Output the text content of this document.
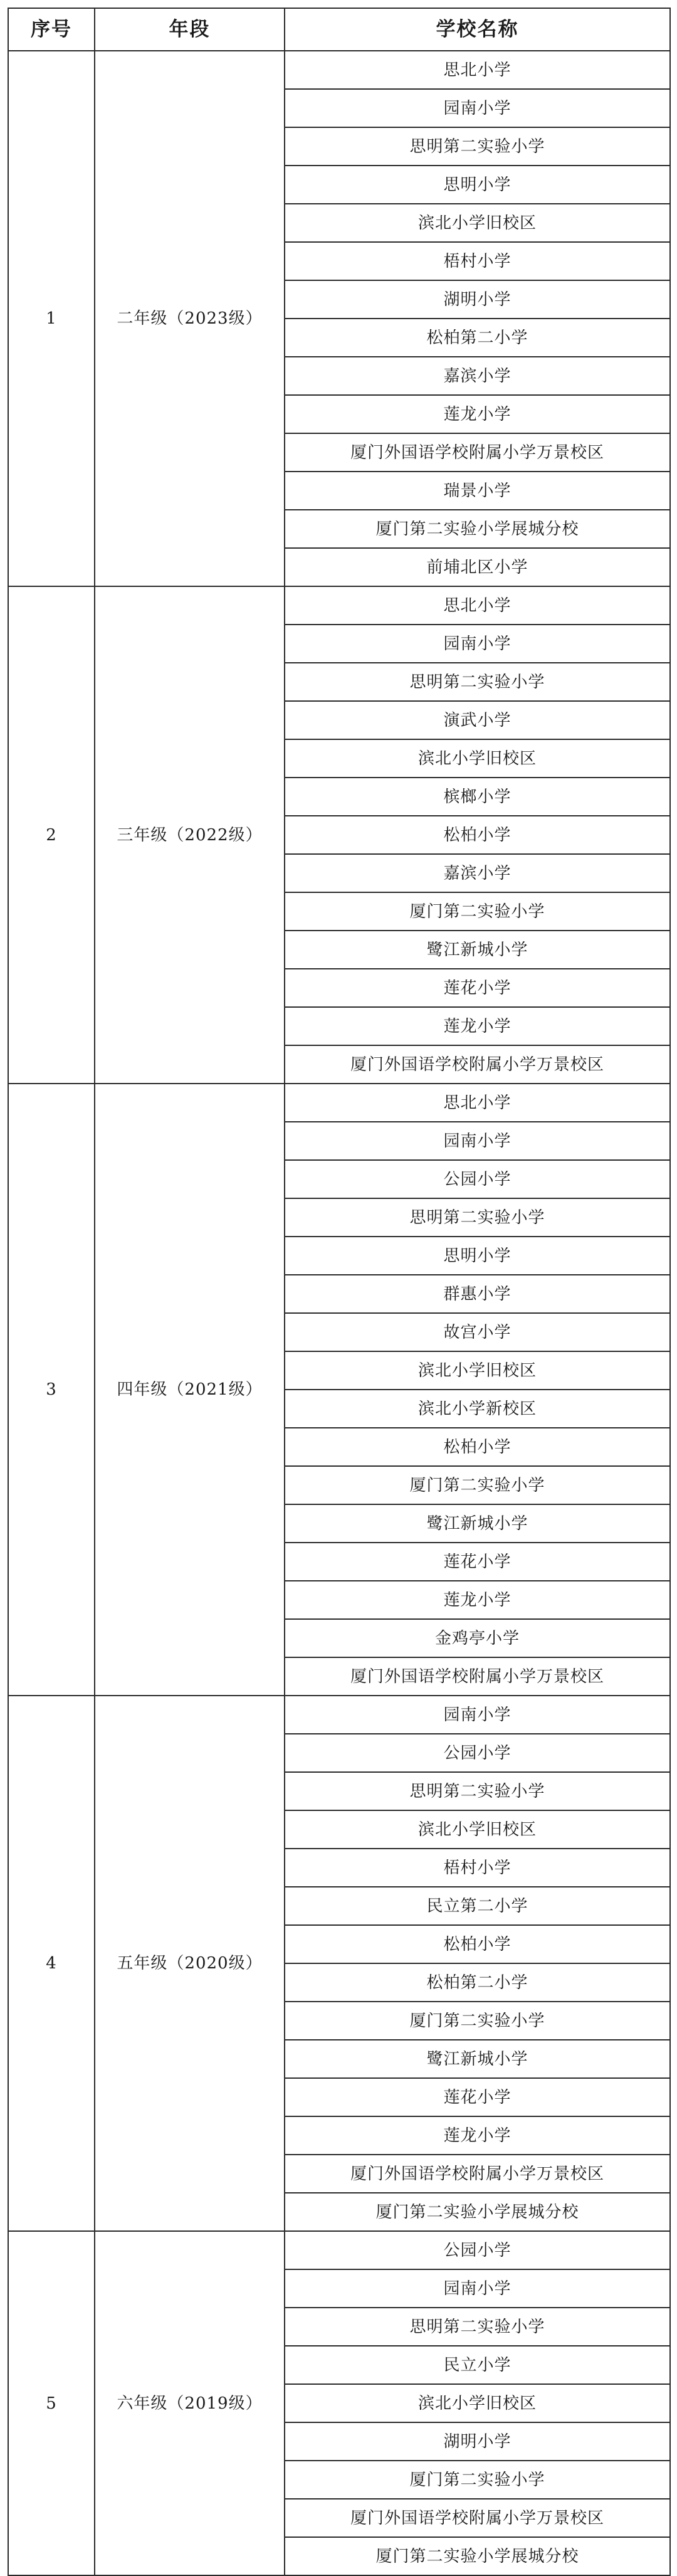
序号	年段	学校名称
1	二年级（2023级）	思北小学
		园南小学
		思明第二实验小学
		思明小学
		滨北小学旧校区
		梧村小学
		湖明小学
		松柏第二小学
		嘉滨小学
		莲龙小学
		厦门外国语学校附属小学万景校区
		瑞景小学
		厦门第二实验小学展城分校
		前埔北区小学
2	三年级（2022级）	思北小学
		园南小学
		思明第二实验小学
		演武小学
		滨北小学旧校区
		槟榔小学
		松柏小学
		嘉滨小学
		厦门第二实验小学
		鹭江新城小学
		莲花小学
		莲龙小学
		厦门外国语学校附属小学万景校区
3	四年级（2021级）	思北小学
		园南小学
		公园小学
		思明第二实验小学
		思明小学
		群惠小学
		故宫小学
		滨北小学旧校区
		滨北小学新校区
		松柏小学
		厦门第二实验小学
		鹭江新城小学
		莲花小学
		莲龙小学
		金鸡亭小学
		厦门外国语学校附属小学万景校区
4	五年级（2020级）	园南小学
		公园小学
		思明第二实验小学
		滨北小学旧校区
		梧村小学
		民立第二小学
		松柏小学
		松柏第二小学
		厦门第二实验小学
		鹭江新城小学
		莲花小学
		莲龙小学
		厦门外国语学校附属小学万景校区
		厦门第二实验小学展城分校
5	六年级（2019级）	公园小学
		园南小学
		思明第二实验小学
		民立小学
		滨北小学旧校区
		湖明小学
		厦门第二实验小学
		厦门外国语学校附属小学万景校区
		厦门第二实验小学展城分校
